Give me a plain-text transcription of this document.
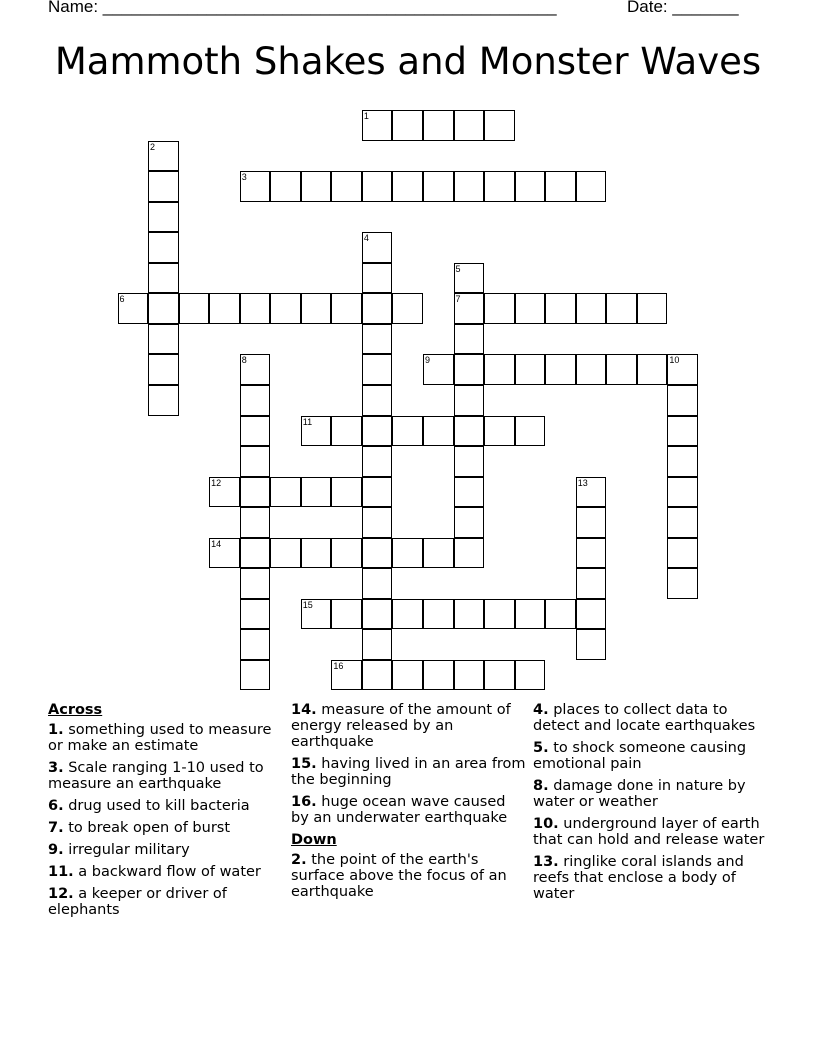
Name: ________________________________________________	Date: _______
Mammoth Shakes and Monster Waves
1
2
3
4
5
7
6
8	9	10
11
12	13
14
15
16
Across
1. something used to measure or make an estimate
3. Scale ranging 1-10 used to measure an earthquake
6. drug used to kill bacteria
7. to break open of burst
9. irregular military
11. a backward flow of water
12. a keeper or driver of elephants
14. measure of the amount of energy released by an earthquake
15. having lived in an area from the beginning
16. huge ocean wave caused by an underwater earthquake
Down
2. the point of the earth's surface above the focus of an earthquake
4. places to collect data to detect and locate earthquakes
5. to shock someone causing emotional pain
8. damage done in nature by water or weather
10. underground layer of earth that can hold and release water
13. ringlike coral islands and reefs that enclose a body of water
